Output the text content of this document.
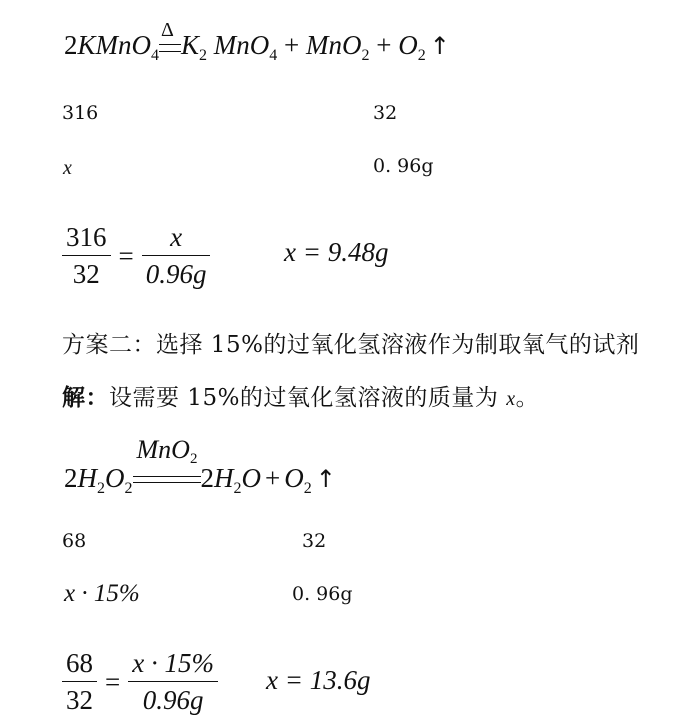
2KMnO$_4$
Δ $K_2$ $MnO_4 + MnO_2 + O_2$ ↑
316	32
x	0. 96g
$\frac{316}{32} = \frac{x}{0.96g}$	x = 9.48g
方案二：选择 15%的过氧化氢溶液作为制取氧气的试剂
解：设需要 15%的过氧化氢溶液的质量为 x。
$2H_2O_2$
MnO$_2$
$2H_2O + O_2$ ↑
68	32
x · 15%	0. 96g
$\frac{68}{32} = \frac{x \cdot 15\%}{0.96g}$ x = 13.6g
